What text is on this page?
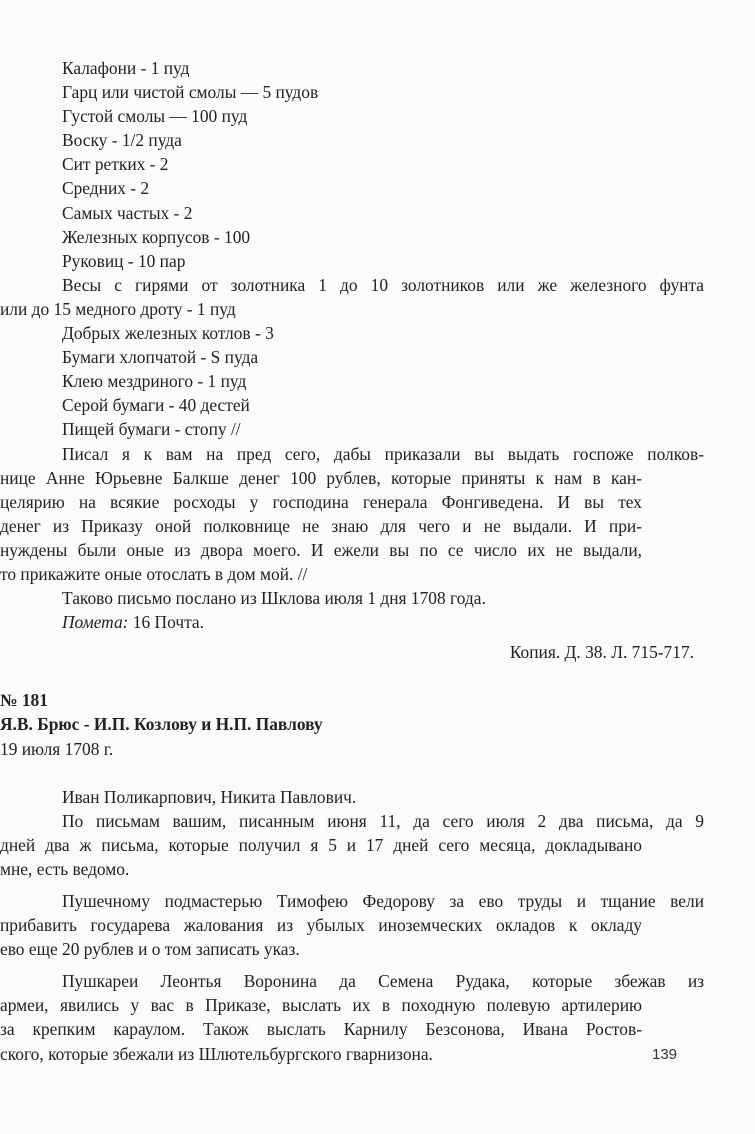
Калафони - 1 пуд
Гарц или чистой смолы — 5 пудов
Густой смолы — 100 пуд
Воску - 1/2 пуда
Сит ретких - 2
Средних - 2
Самых частых - 2
Железных корпусов - 100
Руковиц - 10 пар
Весы с гирями от золотника 1 до 10 золотников или же железного фунта
или до 15 медного дроту - 1 пуд
Добрых железных котлов - 3
Бумаги хлопчатой - S пуда
Клею мездриного - 1 пуд
Серой бумаги - 40 дестей
Пищей бумаги - стопу //
Писал я к вам на пред сего, дабы приказали вы выдать госпоже полков-
нице Анне Юрьевне Балкше денег 100 рублев, которые приняты к нам в кан-
целярию на всякие росходы у господина генерала Фонгиведена. И вы тех
денег из Приказу оной полковнице не знаю для чего и не выдали. И при-
нуждены были оные из двора моего. И ежели вы по се число их не выдали,
то прикажите оные отослать в дом мой. //
Таково письмо послано из Шклова июля 1 дня 1708 года.
Помета: 16 Почта.
Копия. Д. 38. Л. 715-717.
№ 181
Я.В. Брюс - И.П. Козлову и Н.П. Павлову
19 июля 1708 г.
Иван Поликарпович, Никита Павлович.
По письмам вашим, писанным июня 11, да сего июля 2 два письма, да 9
дней два ж письма, которые получил я 5 и 17 дней сего месяца, докладывано
мне, есть ведомо.
Пушечному подмастерью Тимофею Федорову за ево труды и тщание вели
прибавить государева жалования из убылых иноземческих окладов к окладу
ево еще 20 рублев и о том записать указ.
Пушкареи Леонтья Воронина да Семена Рудака, которые збежав из
армеи, явились у вас в Приказе, выслать их в походную полевую артилерию
за крепким караулом. Також выслать Карнилу Безсонова, Ивана Ростов-
ского, которые збежали из Шлютельбургского гварнизона.	139
